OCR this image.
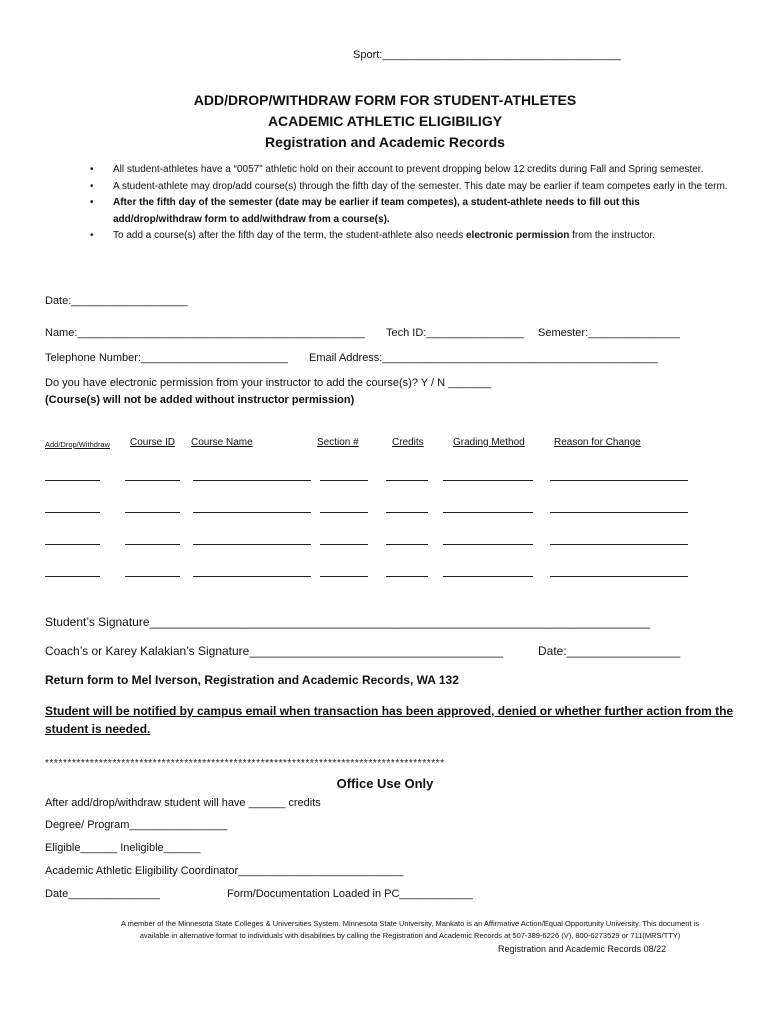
Sport:_______________________________________
ADD/DROP/WITHDRAW FORM FOR STUDENT-ATHLETES
ACADEMIC ATHLETIC ELIGIBILIGY
Registration and Academic Records
• All student-athletes have a “0057” athletic hold on their account to prevent dropping below 12 credits during Fall and Spring semester.
• A student-athlete may drop/add course(s) through the fifth day of the semester. This date may be earlier if team competes early in the term.
• After the fifth day of the semester (date may be earlier if team competes), a student-athlete needs to fill out this add/drop/withdraw form to add/withdraw from a course(s).
• To add a course(s) after the fifth day of the term, the student-athlete also needs electronic permission from the instructor.
Date:___________________
Name:_______________________________________________ Tech ID:________________ Semester:_______________
Telephone Number:________________________ Email Address:_____________________________________________
Do you have electronic permission from your instructor to add the course(s)? Y / N _______
(Course(s) will not be added without instructor permission)
Add/Drop/Withdraw Course ID Course Name	Section #	Credits	Grading Method	Reason for Change
Student’s Signature___________________________________________________________________________
Coach’s or Karey Kalakian’s Signature______________________________________	Date:_________________
Return form to Mel Iverson, Registration and Academic Records, WA 132
Student will be notified by campus email when transaction has been approved, denied or whether further action from the student is needed.
*****************************************************************************************
Office Use Only
After add/drop/withdraw student will have ______ credits
Degree/ Program________________
Eligible______ Ineligible______
Academic Athletic Eligibility Coordinator___________________________
Date_______________	Form/Documentation Loaded in PC____________
A member of the Minnesota State Colleges & Universities System. Minnesota State University, Mankato is an Affirmative Action/Equal Opportunity University. This document is
available in alternative format to individuals with disabilities by calling the Registration and Academic Records at 507-389-6226 (V), 800-6273529 or 711(MRS/TTY)
Registration and Academic Records 08/22
